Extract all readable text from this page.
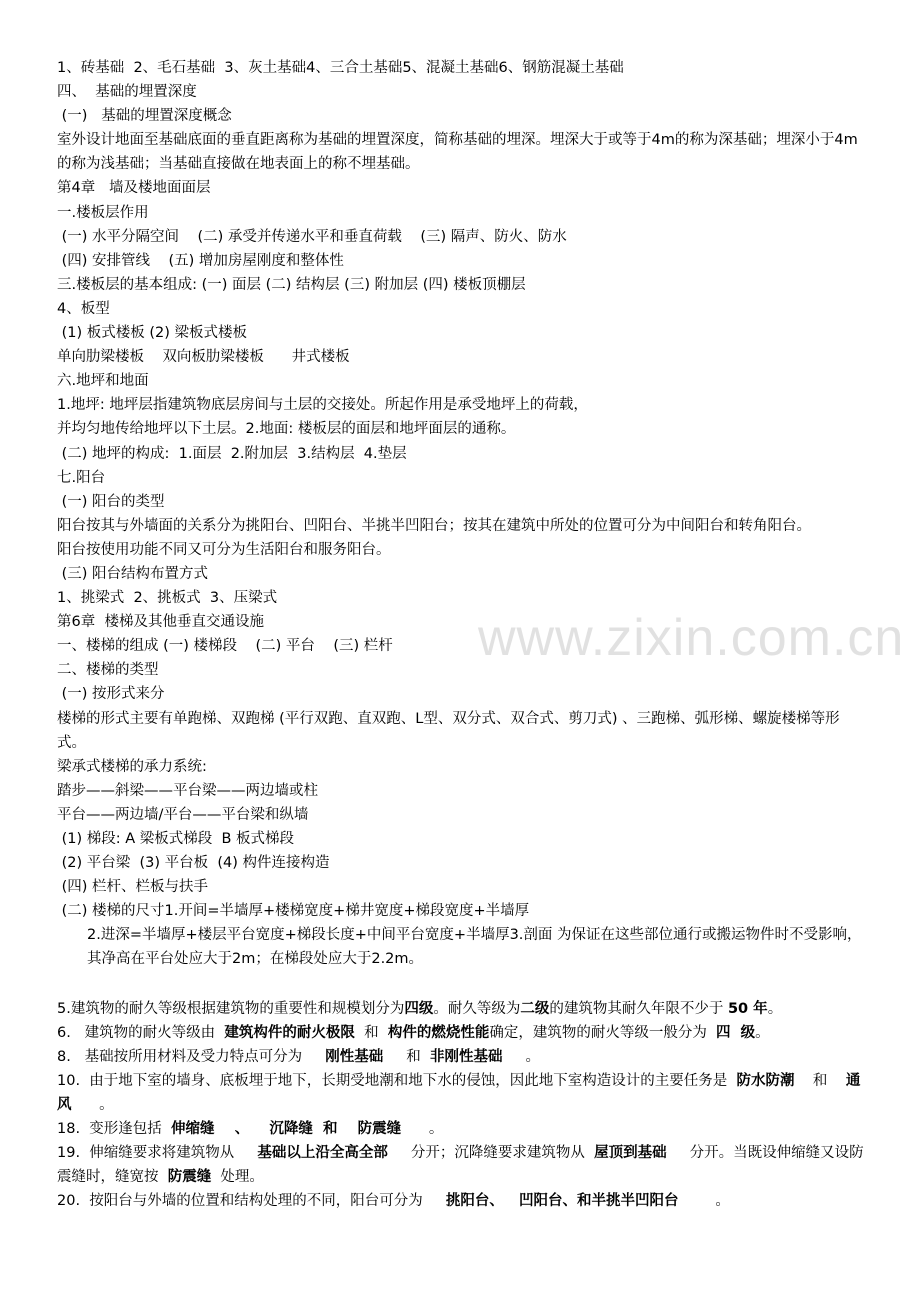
www.zixin.com.cn
1、砖基础  2、毛石基础  3、灰土基础4、三合土基础5、混凝土基础6、钢筋混凝土基础
四、  基础的埋置深度
(一)   基础的埋置深度概念
室外设计地面至基础底面的垂直距离称为基础的埋置深度，简称基础的埋深。埋深大于或等于4m的称为深基础；埋深小于4m的称为浅基础；当基础直接做在地表面上的称不埋基础。
第4章   墙及楼地面面层
一.楼板层作用
(一) 水平分隔空间    (二) 承受并传递水平和垂直荷载    (三) 隔声、防火、防水
(四) 安排管线    (五) 增加房屋刚度和整体性
三.楼板层的基本组成: (一) 面层 (二) 结构层 (三) 附加层 (四) 楼板顶棚层
4、板型
(1) 板式楼板 (2) 梁板式楼板
单向肋梁楼板    双向板肋梁楼板      井式楼板
六.地坪和地面
1.地坪: 地坪层指建筑物底层房间与土层的交接处。所起作用是承受地坪上的荷载，
并均匀地传给地坪以下土层。2.地面: 楼板层的面层和地坪面层的通称。
(二) 地坪的构成:  1.面层  2.附加层  3.结构层  4.垫层
七.阳台
(一) 阳台的类型
阳台按其与外墙面的关系分为挑阳台、凹阳台、半挑半凹阳台；按其在建筑中所处的位置可分为中间阳台和转角阳台。
阳台按使用功能不同又可分为生活阳台和服务阳台。
(三) 阳台结构布置方式
1、挑梁式  2、挑板式  3、压梁式
第6章  楼梯及其他垂直交通设施
一、楼梯的组成 (一) 楼梯段    (二) 平台    (三) 栏杆
二、楼梯的类型
(一) 按形式来分
楼梯的形式主要有单跑梯、双跑梯 (平行双跑、直双跑、L型、双分式、双合式、剪刀式) 、三跑梯、弧形梯、螺旋楼梯等形式。
梁承式楼梯的承力系统:
踏步——斜梁——平台梁——两边墙或柱
平台——两边墙/平台——平台梁和纵墙
(1) 梯段: A 梁板式梯段  B 板式梯段
(2) 平台梁  (3) 平台板  (4) 构件连接构造
(四) 栏杆、栏板与扶手
(二) 楼梯的尺寸1.开间=半墙厚+楼梯宽度+梯井宽度+梯段宽度+半墙厚
2.进深=半墙厚+楼层平台宽度+梯段长度+中间平台宽度+半墙厚3.剖面 为保证在这些部位通行或搬运物件时不受影响，其净高在平台处应大于2m；在梯段处应大于2.2m。
5.建筑物的耐久等级根据建筑物的重要性和规模划分为四级。耐久等级为二级的建筑物其耐久年限不少于 50 年。
6.   建筑物的耐火等级由  建筑构件的耐火极限  和  构件的燃烧性能确定，建筑物的耐火等级一般分为  四  级。
8.   基础按所用材料及受力特点可分为     刚性基础     和  非刚性基础     。
10.  由于地下室的墙身、底板埋于地下，长期受地潮和地下水的侵蚀，因此地下室构造设计的主要任务是  防水防潮    和    通风      。
18.  变形逢包括  伸缩缝    、    沉降缝  和    防震缝      。
19.  伸缩缝要求将建筑物从     基础以上沿全高全部     分开；沉降缝要求建筑物从  屋顶到基础     分开。当既设伸缩缝又设防震缝时，缝宽按  防震缝  处理。
20.  按阳台与外墙的位置和结构处理的不同，阳台可分为     挑阳台、   凹阳台、和半挑半凹阳台        。
